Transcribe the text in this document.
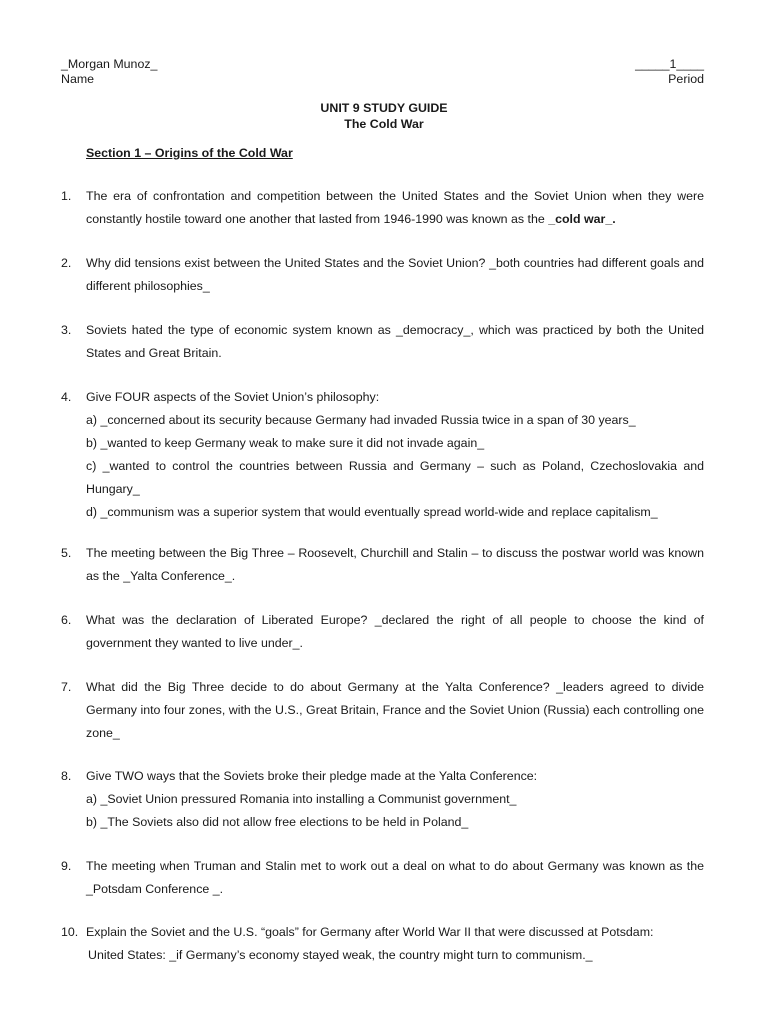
_Morgan Munoz_
Name
_____1____
Period
UNIT 9 STUDY GUIDE
The Cold War
Section 1 – Origins of the Cold War
1. The era of confrontation and competition between the United States and the Soviet Union when they were constantly hostile toward one another that lasted from 1946-1990 was known as the _cold war_.
2. Why did tensions exist between the United States and the Soviet Union? _both countries had different goals and different philosophies_
3. Soviets hated the type of economic system known as _democracy_, which was practiced by both the United States and Great Britain.
4. Give FOUR aspects of the Soviet Union’s philosophy:
a) _concerned about its security because Germany had invaded Russia twice in a span of 30 years_
b) _wanted to keep Germany weak to make sure it did not invade again_
c) _wanted to control the countries between Russia and Germany – such as Poland, Czechoslovakia and Hungary_
d) _communism was a superior system that would eventually spread world-wide and replace capitalism_
5. The meeting between the Big Three – Roosevelt, Churchill and Stalin – to discuss the postwar world was known as the _Yalta Conference_.
6. What was the declaration of Liberated Europe? _declared the right of all people to choose the kind of government they wanted to live under_.
7. What did the Big Three decide to do about Germany at the Yalta Conference? _leaders agreed to divide Germany into four zones, with the U.S., Great Britain, France and the Soviet Union (Russia) each controlling one zone_
8. Give TWO ways that the Soviets broke their pledge made at the Yalta Conference:
a) _Soviet Union pressured Romania into installing a Communist government_
b) _The Soviets also did not allow free elections to be held in Poland_
9. The meeting when Truman and Stalin met to work out a deal on what to do about Germany was known as the _Potsdam Conference _.
10. Explain the Soviet and the U.S. “goals” for Germany after World War II that were discussed at Potsdam:
United States: _if Germany’s economy stayed weak, the country might turn to communism._
